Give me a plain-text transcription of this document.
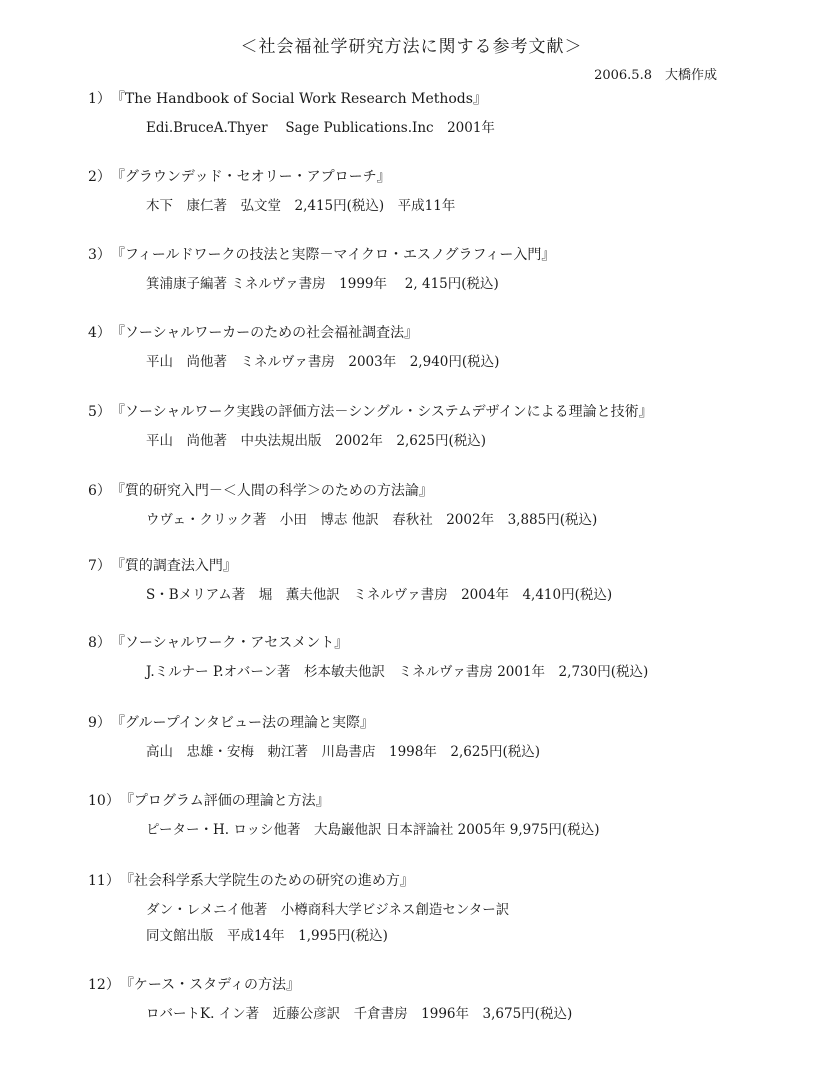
＜社会福祉学研究方法に関する参考文献＞
2006.5.8　大橋作成
1）『The Handbook of Social Work Research Methods』
Edi.BruceA.Thyer　 Sage Publications.Inc　2001年
2）『グラウンデッド・セオリー・アプローチ』
木下　康仁著　弘文堂　2,415円(税込)　平成11年
3）『フィールドワークの技法と実際－マイクロ・エスノグラフィー入門』
箕浦康子編著 ミネルヴァ書房　1999年　 2, 415円(税込)
4）『ソーシャルワーカーのための社会福祉調査法』
平山　尚他著　ミネルヴァ書房　2003年　2,940円(税込)
5）『ソーシャルワーク実践の評価方法－シングル・システムデザインによる理論と技術』
平山　尚他著　中央法規出版　2002年　2,625円(税込)
6）『質的研究入門－＜人間の科学＞のための方法論』
ウヴェ・クリック著　小田　博志 他訳　春秋社　2002年　3,885円(税込)
7）『質的調査法入門』
S・Bメリアム著　堀　薫夫他訳　ミネルヴァ書房　2004年　4,410円(税込)
8）『ソーシャルワーク・アセスメント』
J.ミルナー P.オバーン著　杉本敏夫他訳　ミネルヴァ書房 2001年　2,730円(税込)
9）『グループインタビュー法の理論と実際』
高山　忠雄・安梅　勅江著　川島書店　1998年　2,625円(税込)
10）『プログラム評価の理論と方法』
ピーター・H. ロッシ他著　大島巌他訳 日本評論社 2005年 9,975円(税込)
11）『社会科学系大学院生のための研究の進め方』
ダン・レメニイ他著　小樽商科大学ビジネス創造センター訳
同文館出版　平成14年　1,995円(税込)
12）『ケース・スタディの方法』
ロバートK. イン著　近藤公彦訳　千倉書房　1996年　3,675円(税込)
